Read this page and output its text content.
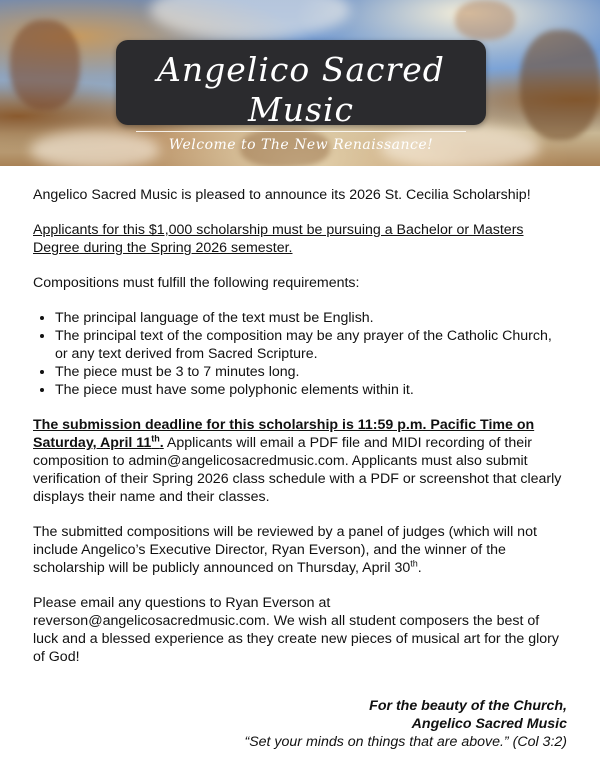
Angelico Sacred Music
Welcome to The New Renaissance!

Angelico Sacred Music is pleased to announce its 2026 St. Cecilia Scholarship!

Applicants for this $1,000 scholarship must be pursuing a Bachelor or Masters Degree during the Spring 2026 semester.

Compositions must fulfill the following requirements:

• The principal language of the text must be English.
• The principal text of the composition may be any prayer of the Catholic Church, or any text derived from Sacred Scripture.
• The piece must be 3 to 7 minutes long.
• The piece must have some polyphonic elements within it.

The submission deadline for this scholarship is 11:59 p.m. Pacific Time on Saturday, April 11th. Applicants will email a PDF file and MIDI recording of their composition to admin@angelicosacredmusic.com. Applicants must also submit verification of their Spring 2026 class schedule with a PDF or screenshot that clearly displays their name and their classes.

The submitted compositions will be reviewed by a panel of judges (which will not include Angelico’s Executive Director, Ryan Everson), and the winner of the scholarship will be publicly announced on Thursday, April 30th.

Please email any questions to Ryan Everson at reverson@angelicosacredmusic.com. We wish all student composers the best of luck and a blessed experience as they create new pieces of musical art for the glory of God!

For the beauty of the Church,
Angelico Sacred Music
“Set your minds on things that are above.” (Col 3:2)
